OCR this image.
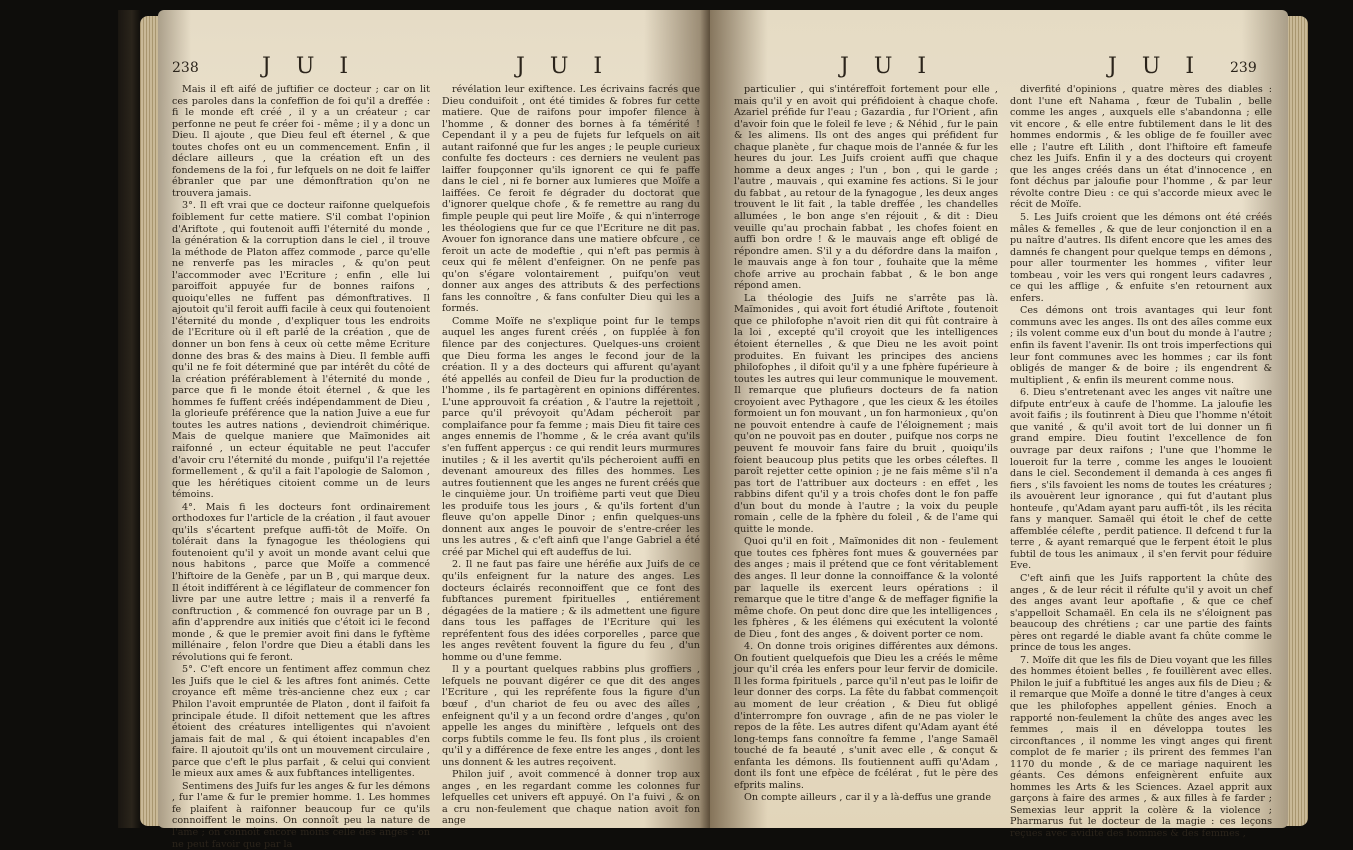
238	J U I	J U I

Mais il eft aifé de juftifier ce docteur ; car on lit ces paroles dans la confeffion de foi qu'il a dreffée : fi le monde eft créé , il y a un créateur ; car perfonne ne peut fe créer foi - même ; il y a donc un Dieu. Il ajoute , que Dieu feul eft éternel , & que toutes chofes ont eu un commencement. Enfin , il déclare ailleurs , que la création eft un des fondemens de la foi , fur lefquels on ne doit fe laiffer ébranler que par une démonftration qu'on ne trouvera jamais.

3°. Il eft vrai que ce docteur raifonne quelquefois foiblement fur cette matiere. S'il combat l'opinion d'Ariftote , qui foutenoit auffi l'éternité du monde , la génération & la corruption dans le ciel , il trouve la méthode de Platon affez commode , parce qu'elle ne renverfe pas les miracles , & qu'on peut l'accommoder avec l'Ecriture ; enfin , elle lui paroiffoit appuyée fur de bonnes raifons , quoiqu'elles ne fuffent pas démonftratives. Il ajoutoit qu'il feroit auffi facile à ceux qui foutenoient l'éternité du monde , d'expliquer tous les endroits de l'Ecriture où il eft parlé de la création , que de donner un bon fens à ceux où cette même Ecriture donne des bras & des mains à Dieu. Il femble auffi qu'il ne fe foit déterminé que par intérêt du côté de la création préférablement à l'éternité du monde , parce que fi le monde étoit éternel , & que les hommes fe fuffent créés indépendamment de Dieu , la glorieufe préférence que la nation Juive a eue fur toutes les autres nations , deviendroit chimérique. Mais de quelque maniere que Maïmonides ait raifonné , un ecteur équitable ne peut l'accufer d'avoir cru l'éternité du monde , puifqu'il l'a rejettée formellement , & qu'il a fait l'apologie de Salomon , que les hérétiques citoient comme un de leurs témoins.

4°. Mais fi les docteurs font ordinairement orthodoxes fur l'article de la création , il faut avouer qu'ils s'écartent prefque auffi-tôt de Moïfe. On tolérait dans la fynagogue les théologiens qui foutenoient qu'il y avoit un monde avant celui que nous habitons , parce que Moïfe a commencé l'hiftoire de la Genèfe , par un B , qui marque deux. Il étoit indifférent à ce légiflateur de commencer fon livre par une autre lettre ; mais il a renverfé fa conftruction , & commencé fon ouvrage par un B , afin d'apprendre aux initiés que c'étoit ici le fecond monde , & que le premier avoit fini dans le fyftème millénaire , felon l'ordre que Dieu a établi dans les révolutions qui fe feront.

5°. C'eft encore un fentiment affez commun chez les Juifs que le ciel & les aftres font animés. Cette croyance eft même très-ancienne chez eux ; car Philon l'avoit empruntée de Platon , dont il faifoit fa principale étude. Il difoit nettement que les aftres étoient des créatures intelligentes qui n'avoient jamais fait de mal , & qui étoient incapables d'en faire. Il ajoutoit qu'ils ont un mouvement circulaire , parce que c'eft le plus parfait , & celui qui convient le mieux aux ames & aux fubftances intelligentes.

Sentimens des Juifs fur les anges & fur les démons , fur l'ame & fur le premier homme. 1. Les hommes fe plaifent à raifonner beaucoup fur ce qu'ils connoiffent le moins. On connoît peu la nature de l'ame ; on connoît encore moins celle des anges : on ne peut favoir que par la

révélation leur exiftence. Les écrivains facrés que Dieu conduifoit , ont été timides & fobres fur cette matiere. Que de raifons pour impofer filence à l'homme , & donner des bornes à fa témérité ! Cependant il y a peu de fujets fur lefquels on ait autant raifonné que fur les anges ; le peuple curieux confulte fes docteurs : ces derniers ne veulent pas laiffer foupçonner qu'ils ignorent ce qui fe paffe dans le ciel , ni fe borner aux lumieres que Moïfe a laiffées. Ce feroit fe dégrader du doctorat que d'ignorer quelque chofe , & fe remettre au rang du fimple peuple qui peut lire Moïfe , & qui n'interroge les théologiens que fur ce que l'Ecriture ne dit pas. Avouer fon ignorance dans une matiere obfcure , ce feroit un acte de modeftie , qui n'eft pas permis à ceux qui fe mêlent d'enfeigner. On ne penfe pas qu'on s'égare volontairement , puifqu'on veut donner aux anges des attributs & des perfections fans les connoître , & fans confulter Dieu qui les a formés.

Comme Moïfe ne s'explique point fur le temps auquel les anges furent créés , on fupplée à fon filence par des conjectures. Quelques-uns croient que Dieu forma les anges le fecond jour de la création. Il y a des docteurs qui affurent qu'ayant été appellés au confeil de Dieu fur la production de l'homme , ils fe partagèrent en opinions différentes. L'une approuvoit fa création , & l'autre la rejettoit , parce qu'il prévoyoit qu'Adam pécheroit par complaifance pour fa femme ; mais Dieu fit taire ces anges ennemis de l'homme , & le créa avant qu'ils s'en fuffent apperçus : ce qui rendit leurs murmures inutiles ; & il les avertit qu'ils pécheroient auffi en devenant amoureux des filles des hommes. Les autres foutiennent que les anges ne furent créés que le cinquième jour. Un troifième parti veut que Dieu les produife tous les jours , & qu'ils fortent d'un fleuve qu'on appelle Dinor ; enfin quelques-uns donnent aux anges le pouvoir de s'entre-créer les uns les autres , & c'eft ainfi que l'ange Gabriel a été créé par Michel qui eft audeffus de lui.

2. Il ne faut pas faire une héréfie aux Juifs de ce qu'ils enfeignent fur la nature des anges. Les docteurs éclairés reconnoiffent que ce font des fubftances purement fpirituelles , entiérement dégagées de la matiere ; & ils admettent une figure dans tous les paffages de l'Ecriture qui les repréfentent fous des idées corporelles , parce que les anges revêtent fouvent la figure du feu , d'un homme ou d'une femme.

Il y a pourtant quelques rabbins plus groffiers , lefquels ne pouvant digérer ce que dit des anges l'Ecriture , qui les repréfente fous la figure d'un bœuf , d'un chariot de feu ou avec des aîles , enfeignent qu'il y a un fecond ordre d'anges , qu'on appelle les anges du miniftère , lefquels ont des corps fubtils comme le feu. Ils font plus , ils croient qu'il y a différence de fexe entre les anges , dont les uns donnent & les autres reçoivent.

Philon juif , avoit commencé à donner trop aux anges , en les regardant comme les colonnes fur lefquelles cet univers eft appuyé. On l'a fuivi , & on a cru non-feulement que chaque nation avoit fon ange

J U I	J U I 239

particulier , qui s'intéreffoit fortement pour elle , mais qu'il y en avoit qui préfidoient à chaque chofe. Azariel préfide fur l'eau ; Gazardia , fur l'Orient , afin d'avoir foin que le foleil fe leve ; & Néhid , fur le pain & les alimens. Ils ont des anges qui préfident fur chaque planète , fur chaque mois de l'année & fur les heures du jour. Les Juifs croient auffi que chaque homme a deux anges ; l'un , bon , qui le garde ; l'autre , mauvais , qui examine fes actions. Si le jour du fabbat , au retour de la fynagogue , les deux anges trouvent le lit fait , la table dreffée , les chandelles allumées , le bon ange s'en réjouit , & dit : Dieu veuille qu'au prochain fabbat , les chofes foient en auffi bon ordre ! & le mauvais ange eft obligé de répondre amen. S'il y a du défordre dans la maifon , le mauvais ange à fon tour , fouhaite que la même chofe arrive au prochain fabbat , & le bon ange répond amen.

La théologie des Juifs ne s'arrête pas là. Maïmonides , qui avoit fort étudié Ariftote , foutenoit que ce philofophe n'avoit rien dit qui fût contraire à la loi , excepté qu'il croyoit que les intelligences étoient éternelles , & que Dieu ne les avoit point produites. En fuivant les principes des anciens philofophes , il difoit qu'il y a une fphère fupérieure à toutes les autres qui leur communique le mouvement. Il remarque que plufieurs docteurs de fa nation croyoient avec Pythagore , que les cieux & les étoiles formoient un fon mouvant , un fon harmonieux , qu'on ne pouvoit entendre à caufe de l'éloignement ; mais qu'on ne pouvoit pas en douter , puifque nos corps ne peuvent fe mouvoir fans faire du bruit , quoiqu'ils foient beaucoup plus petits que les orbes céleftes. Il paroît rejetter cette opinion ; je ne fais même s'il n'a pas tort de l'attribuer aux docteurs : en effet , les rabbins difent qu'il y a trois chofes dont le fon paffe d'un bout du monde à l'autre ; la voix du peuple romain , celle de la fphère du foleil , & de l'ame qui quitte le monde.

Quoi qu'il en foit , Maïmonides dit non - feulement que toutes ces fphères font mues & gouvernées par des anges ; mais il prétend que ce font véritablement des anges. Il leur donne la connoiffance & la volonté par laquelle ils exercent leurs opérations : il remarque que le titre d'ange & de meffager fignifie la même chofe. On peut donc dire que les intelligences , les fphères , & les élémens qui exécutent la volonté de Dieu , font des anges , & doivent porter ce nom.

4. On donne trois origines différentes aux démons. On foutient quelquefois que Dieu les a créés le même jour qu'il créa les enfers pour leur fervir de domicile. Il les forma fpirituels , parce qu'il n'eut pas le loifir de leur donner des corps. La fête du fabbat commençoit au moment de leur création , & Dieu fut obligé d'interrompre fon ouvrage , afin de ne pas violer le repos de la fête. Les autres difent qu'Adam ayant été long-temps fans connoître fa femme , l'ange Samaël touché de fa beauté , s'unit avec elle , & conçut & enfanta les démons. Ils foutiennent auffi qu'Adam , dont ils font une efpèce de fcélérat , fut le père des efprits malins.

On compte ailleurs , car il y a là-deffus une grande

diverfité d'opinions , quatre mères des diables : dont l'une eft Nahama , fœur de Tubalin , belle comme les anges , auxquels elle s'abandonna ; elle vit encore , & elle entre fubtilement dans le lit des hommes endormis , & les oblige de fe fouiller avec elle ; l'autre eft Lilith , dont l'hiftoire eft fameufe chez les Juifs. Enfin il y a des docteurs qui croyent que les anges créés dans un état d'innocence , en font déchus par jaloufie pour l'homme , & par leur révolte contre Dieu : ce qui s'accorde mieux avec le récit de Moïfe.

5. Les Juifs croient que les démons ont été créés mâles & femelles , & que de leur conjonction il en a pu naître d'autres. Ils difent encore que les ames des damnés fe changent pour quelque temps en démons , pour aller tourmenter les hommes , vifiter leur tombeau , voir les vers qui rongent leurs cadavres , ce qui les afflige , & enfuite s'en retournent aux enfers.

Ces démons ont trois avantages qui leur font communs avec les anges. Ils ont des aîles comme eux ; ils volent comme eux d'un bout du monde à l'autre ; enfin ils favent l'avenir. Ils ont trois imperfections qui leur font communes avec les hommes ; car ils font obligés de manger & de boire ; ils engendrent & multiplient , & enfin ils meurent comme nous.

6. Dieu s'entretenant avec les anges vit naître une difpute entr'eux à caufe de l'homme. La jaloufie les avoit faifis ; ils foutinrent à Dieu que l'homme n'étoit que vanité , & qu'il avoit tort de lui donner un fi grand empire. Dieu foutint l'excellence de fon ouvrage par deux raifons ; l'une que l'homme le loueroit fur la terre , comme les anges le louoient dans le ciel. Secondement il demanda à ces anges fi fiers , s'ils favoient les noms de toutes les créatures ; ils avouèrent leur ignorance , qui fut d'autant plus honteufe , qu'Adam ayant paru auffi-tôt , ils les récita fans y manquer. Samaël qui étoit le chef de cette affemblée célefte , perdit patience. Il defcend t fur la terre , & ayant remarqué que le ferpent étoit le plus fubtil de tous les animaux , il s'en fervit pour féduire Eve.

C'eft ainfi que les Juifs rapportent la chûte des anges , & de leur récit il réfulte qu'il y avoit un chef des anges avant leur apoftafie , & que ce chef s'appelloit Schamaël. En cela ils ne s'éloignent pas beaucoup des chrétiens ; car une partie des faints pères ont regardé le diable avant fa chûte comme le prince de tous les anges.

7. Moïfe dit que les fils de Dieu voyant que les filles des hommes étoient belles , fe fouillèrent avec elles. Philon le juif a fubftitué les anges aux fils de Dieu ; & il remarque que Moïfe a donné le titre d'anges à ceux que les philofophes appellent génies. Enoch a rapporté non-feulement la chûte des anges avec les femmes , mais il en développa toutes les circonftances , il nomme les vingt anges qui firent complot de fe marier ; ils prirent des femmes l'an 1170 du monde , & de ce mariage naquirent les géants. Ces démons enfeignèrent enfuite aux hommes les Arts & les Sciences. Azael apprit aux garçons à faire des armes , & aux filles à fe farder ; Semexias leur apprit la colère & la violence ; Pharmarus fut le docteur de la magie : ces leçons reçues avec avidité des hommes & des femmes ,
